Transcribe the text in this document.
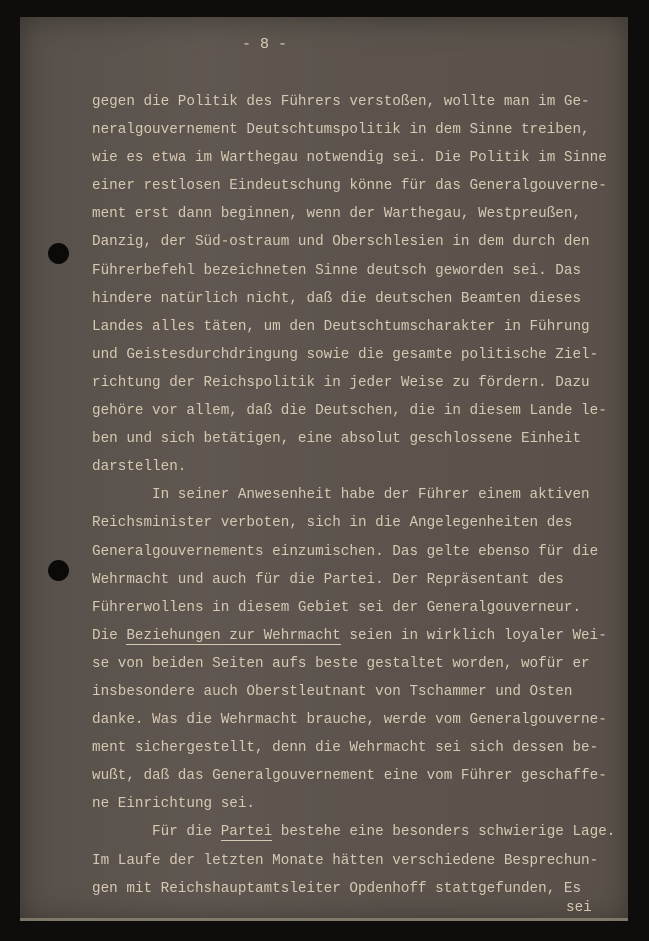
- 8 -
gegen die Politik des Führers verstoßen, wollte man im Ge-
neralgouvernement Deutschtumspolitik in dem Sinne treiben,
wie es etwa im Warthegau notwendig sei. Die Politik im Sinne
einer restlosen Eindeutschung könne für das Generalgouverne-
ment erst dann beginnen, wenn der Warthegau, Westpreußen,
Danzig, der Süd-ostraum und Oberschlesien in dem durch den
Führerbefehl bezeichneten Sinne deutsch geworden sei. Das
hindere natürlich nicht, daß die deutschen Beamten dieses
Landes alles täten, um den Deutschtumscharakter in Führung
und Geistesdurchdringung sowie die gesamte politische Ziel-
richtung der Reichspolitik in jeder Weise zu fördern. Dazu
gehöre vor allem, daß die Deutschen, die in diesem Lande le-
ben und sich betätigen, eine absolut geschlossene Einheit
darstellen.
In seiner Anwesenheit habe der Führer einem aktiven
Reichsminister verboten, sich in die Angelegenheiten des
Generalgouvernements einzumischen. Das gelte ebenso für die
Wehrmacht und auch für die Partei. Der Repräsentant des
Führerwollens in diesem Gebiet sei der Generalgouverneur.
Die Beziehungen zur Wehrmacht seien in wirklich loyaler Wei-
se von beiden Seiten aufs beste gestaltet worden, wofür er
insbesondere auch Oberstleutnant von Tschammer und Osten
danke. Was die Wehrmacht brauche, werde vom Generalgouverne-
ment sichergestellt, denn die Wehrmacht sei sich dessen be-
wußt, daß das Generalgouvernement eine vom Führer geschaffe-
ne Einrichtung sei.
Für die Partei bestehe eine besonders schwierige Lage.
Im Laufe der letzten Monate hätten verschiedene Besprechun-
gen mit Reichshauptamtsleiter Opdenhoff stattgefunden, Es
sei
